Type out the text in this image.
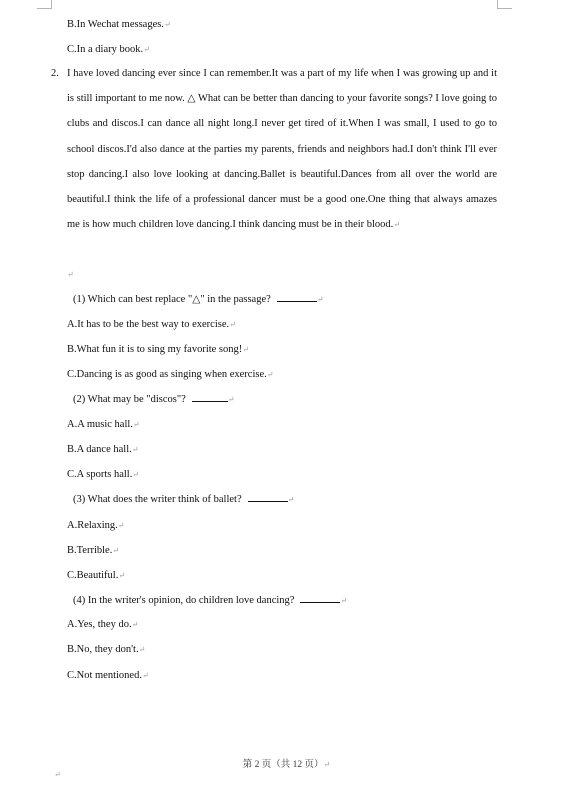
B.In Wechat messages.↵
C.In a diary book.↵
2. I have loved dancing ever since I can remember.It was a part of my life when I was growing up and it is still important to me now. △ What can be better than dancing to your favorite songs? I love going to clubs and discos.I can dance all night long.I never get tired of it.When I was small, I used to go to school discos.I'd also dance at the parties my parents, friends and neighbors had.I don't think I'll ever stop dancing.I also love looking at dancing.Ballet is beautiful.Dances from all over the world are beautiful.I think the life of a professional dancer must be a good one.One thing that always amazes me is how much children love dancing.I think dancing must be in their blood.↵
↵
(1) Which can best replace "△" in the passage?	↵
A.It has to be the best way to exercise.↵
B.What fun it is to sing my favorite song!↵
C.Dancing is as good as singing when exercise.↵
(2) What may be "discos"?	↵
A.A music hall.↵
B.A dance hall.↵
C.A sports hall.↵
(3) What does the writer think of ballet?	↵
A.Relaxing.↵
B.Terrible.↵
C.Beautiful.↵
(4) In the writer's opinion, do children love dancing?	↵
A.Yes, they do.↵
B.No, they don't.↵
C.Not mentioned.↵
第 2 页（共 12 页）↵
↵
